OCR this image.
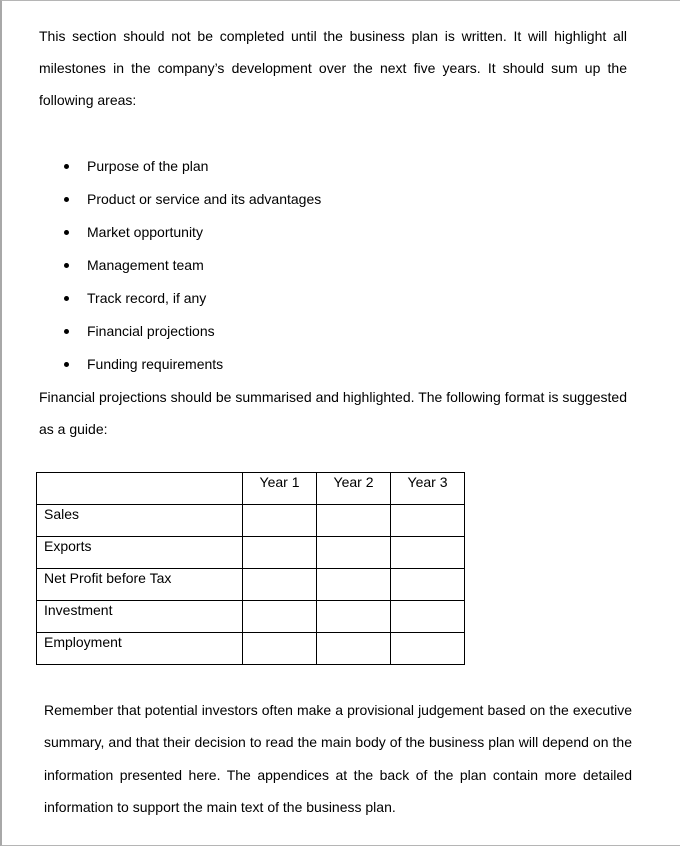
This section should not be completed until the business plan is written. It will highlight all milestones in the company’s development over the next five years. It should sum up the following areas:

Purpose of the plan
Product or service and its advantages
Market opportunity
Management team
Track record, if any
Financial projections
Funding requirements

Financial projections should be summarised and highlighted. The following format is suggested as a guide:

	Year 1	Year 2	Year 3
Sales			
Exports			
Net Profit before Tax			
Investment			
Employment			

Remember that potential investors often make a provisional judgement based on the executive summary, and that their decision to read the main body of the business plan will depend on the information presented here. The appendices at the back of the plan contain more detailed information to support the main text of the business plan.
